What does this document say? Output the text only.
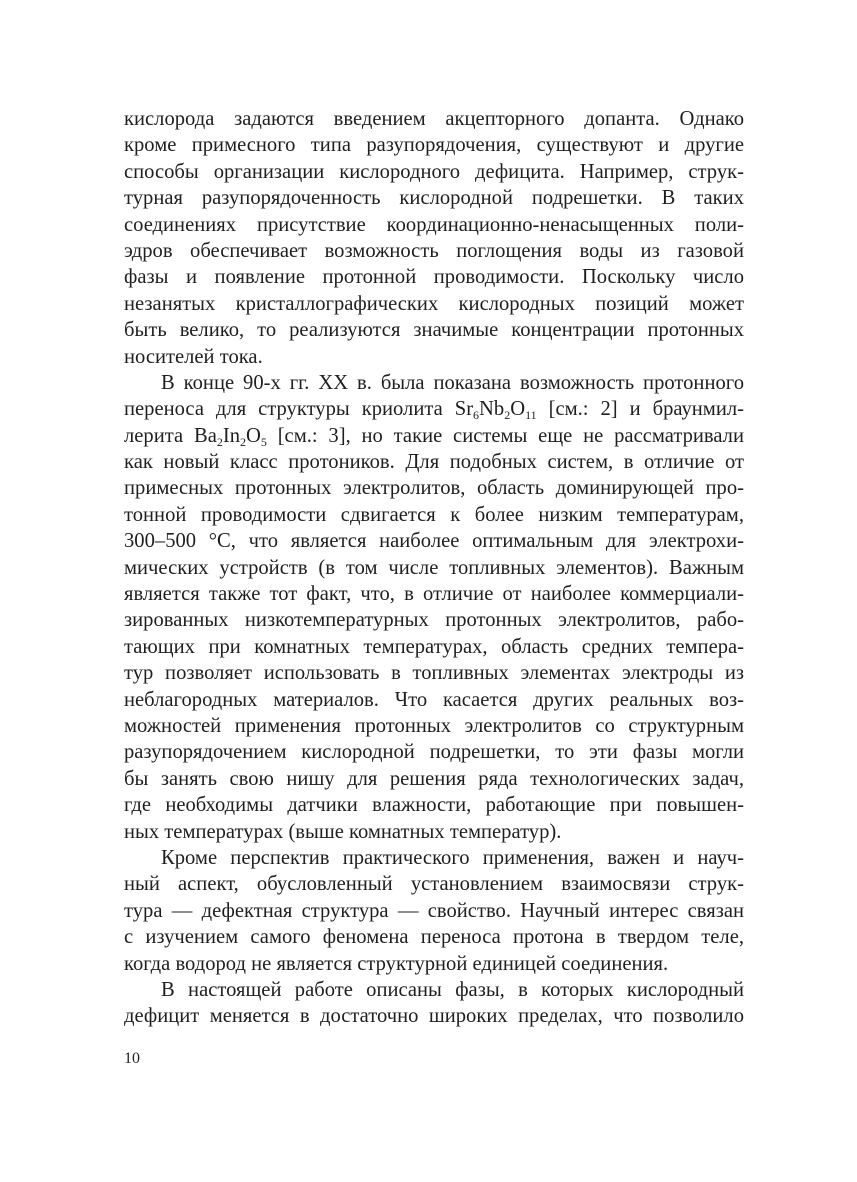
кислорода задаются введением акцепторного допанта. Однако
кроме примесного типа разупорядочения, существуют и другие
способы организации кислородного дефицита. Например, струк-
турная разупорядоченность кислородной подрешетки. В таких
соединениях присутствие координационно-ненасыщенных поли-
эдров обеспечивает возможность поглощения воды из газовой
фазы и появление протонной проводимости. Поскольку число
незанятых кристаллографических кислородных позиций может
быть велико, то реализуются значимые концентрации протонных
носителей тока.
В конце 90-х гг. XX в. была показана возможность протонного
переноса для структуры криолита $Sr_6Nb_2O_{11}$ [см.: 2] и браунмил-
лерита $Ba_2In_2O_5$ [см.: 3], но такие системы еще не рассматривали
как новый класс протоников. Для подобных систем, в отличие от
примесных протонных электролитов, область доминирующей про-
тонной проводимости сдвигается к более низким температурам,
300–500 °С, что является наиболее оптимальным для электрохи-
мических устройств (в том числе топливных элементов). Важным
является также тот факт, что, в отличие от наиболее коммерциали-
зированных низкотемпературных протонных электролитов, рабо-
тающих при комнатных температурах, область средних темпера-
тур позволяет использовать в топливных элементах электроды из
неблагородных материалов. Что касается других реальных воз-
можностей применения протонных электролитов со структурным
разупорядочением кислородной подрешетки, то эти фазы могли
бы занять свою нишу для решения ряда технологических задач,
где необходимы датчики влажности, работающие при повышен-
ных температурах (выше комнатных температур).
Кроме перспектив практического применения, важен и науч-
ный аспект, обусловленный установлением взаимосвязи струк-
тура — дефектная структура — свойство. Научный интерес связан
с изучением самого феномена переноса протона в твердом теле,
когда водород не является структурной единицей соединения.
В настоящей работе описаны фазы, в которых кислородный
дефицит меняется в достаточно широких пределах, что позволило
10
